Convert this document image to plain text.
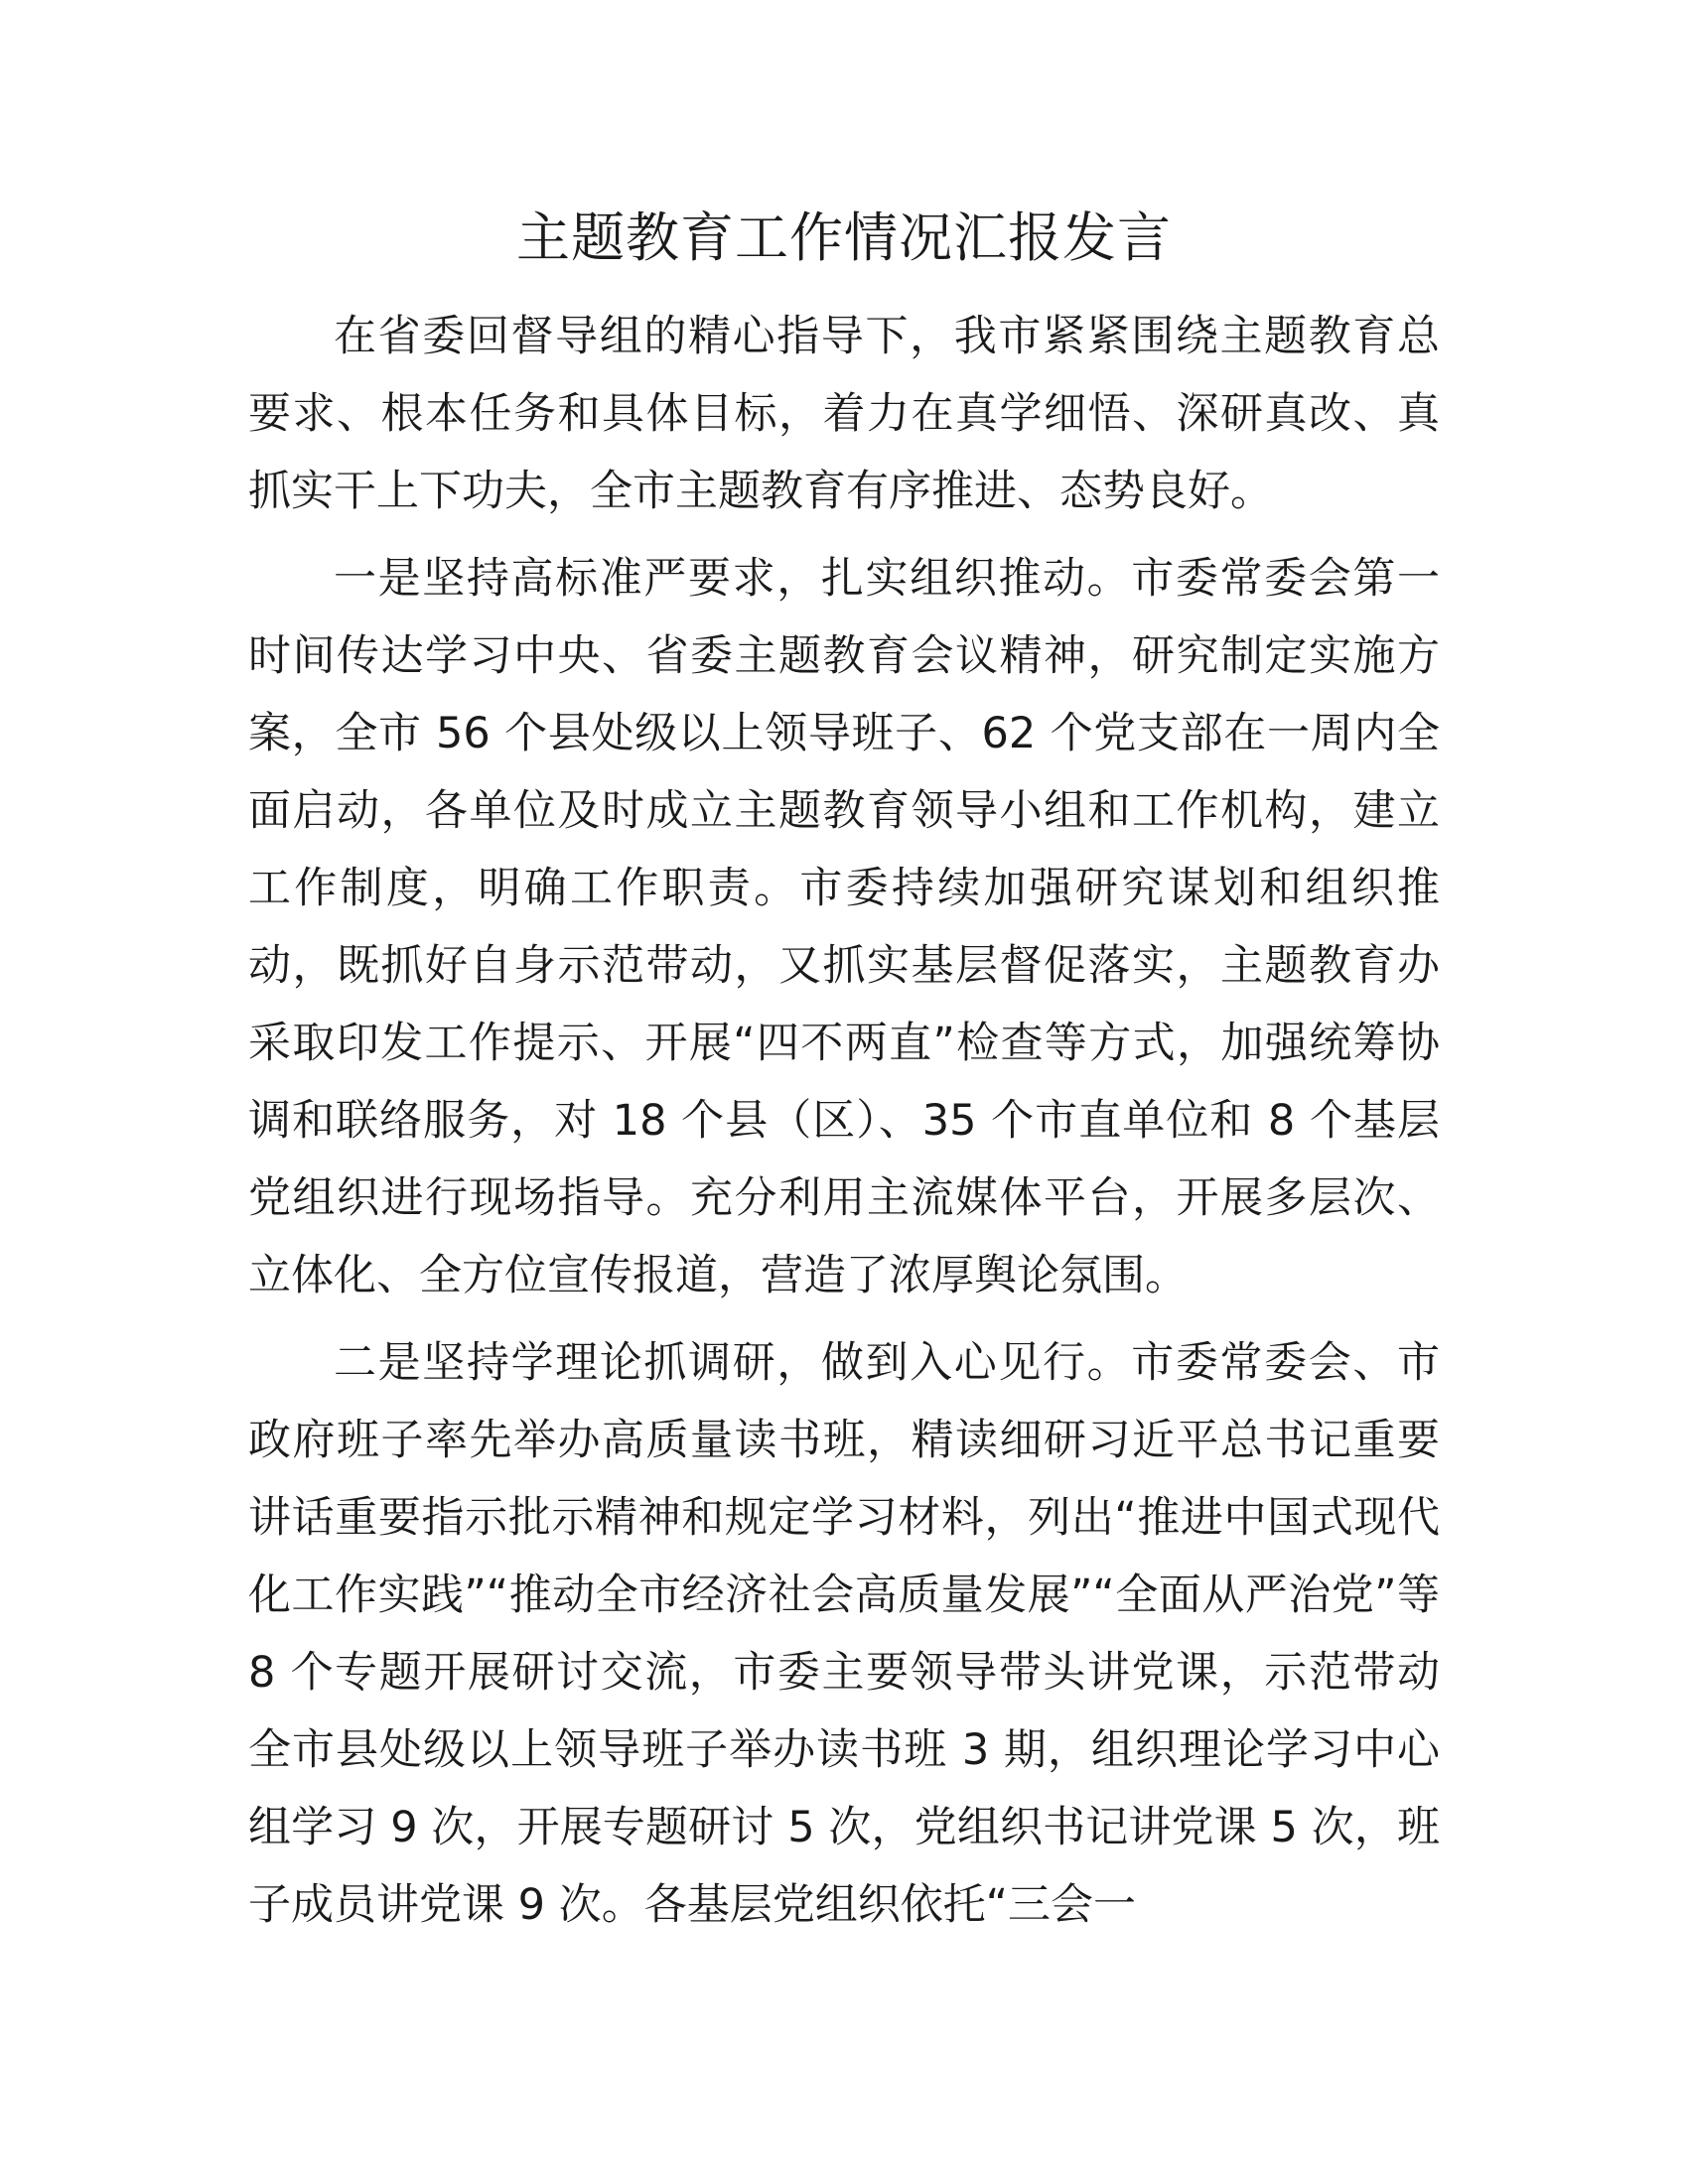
主题教育工作情况汇报发言

在省委回督导组的精心指导下，我市紧紧围绕主题教育总要求、根本任务和具体目标，着力在真学细悟、深研真改、真抓实干上下功夫，全市主题教育有序推进、态势良好。

一是坚持高标准严要求，扎实组织推动。市委常委会第一时间传达学习中央、省委主题教育会议精神，研究制定实施方案，全市 56 个县处级以上领导班子、62 个党支部在一周内全面启动，各单位及时成立主题教育领导小组和工作机构，建立工作制度，明确工作职责。市委持续加强研究谋划和组织推动，既抓好自身示范带动，又抓实基层督促落实，主题教育办采取印发工作提示、开展“四不两直”检查等方式，加强统筹协调和联络服务，对 18 个县（区）、35 个市直单位和 8 个基层党组织进行现场指导。充分利用主流媒体平台，开展多层次、立体化、全方位宣传报道，营造了浓厚舆论氛围。

二是坚持学理论抓调研，做到入心见行。市委常委会、市政府班子率先举办高质量读书班，精读细研习近平总书记重要讲话重要指示批示精神和规定学习材料，列出“推进中国式现代化工作实践”“推动全市经济社会高质量发展”“全面从严治党”等 8 个专题开展研讨交流，市委主要领导带头讲党课，示范带动全市县处级以上领导班子举办读书班 3 期，组织理论学习中心组学习 9 次，开展专题研讨 5 次，党组织书记讲党课 5 次，班子成员讲党课 9 次。各基层党组织依托“三会一
